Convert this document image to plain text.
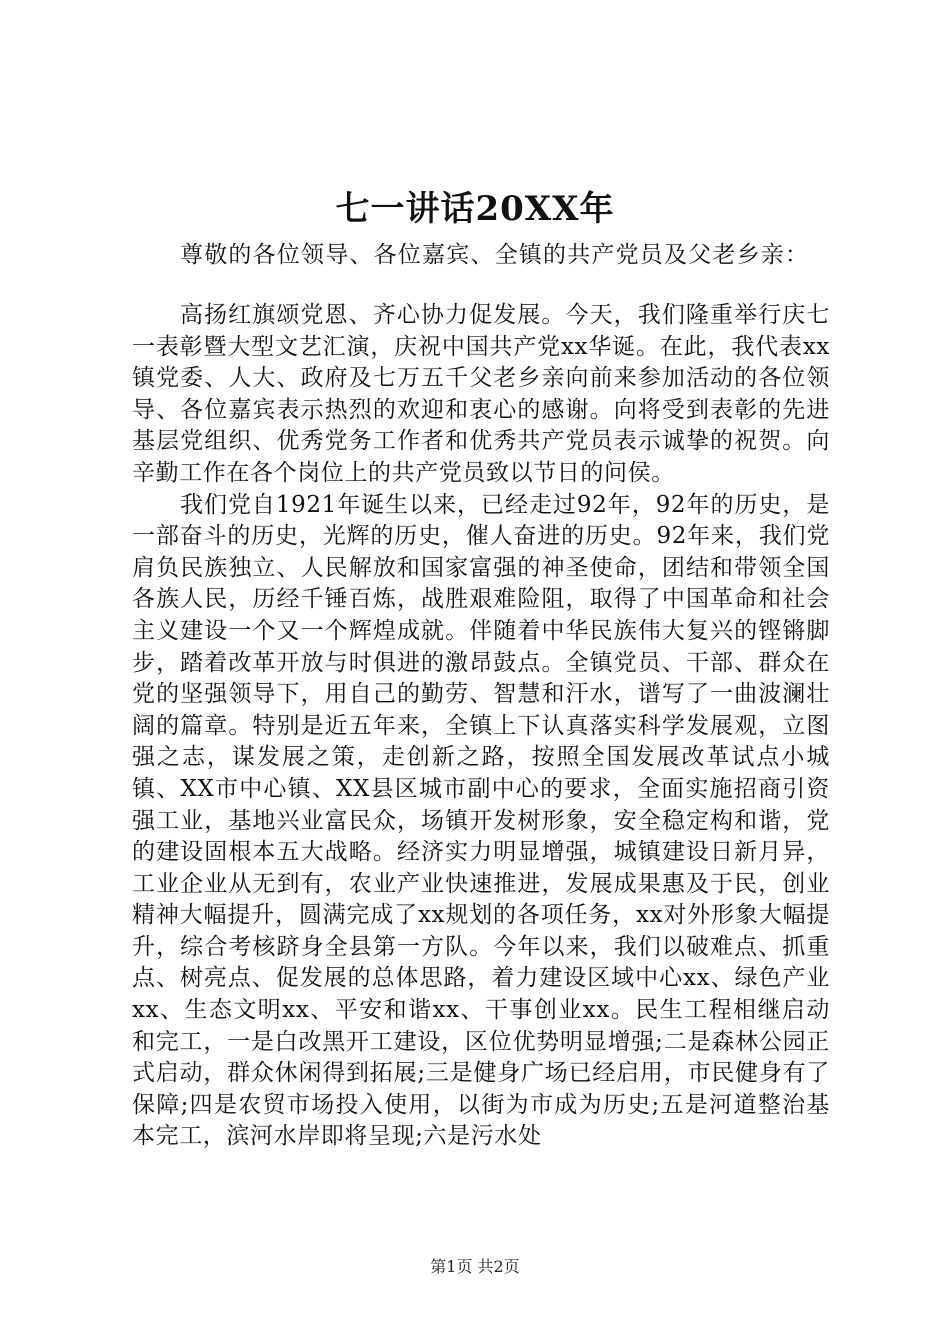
七一讲话20XX年

尊敬的各位领导、各位嘉宾、全镇的共产党员及父老乡亲：

高扬红旗颂党恩、齐心协力促发展。今天，我们隆重举行庆七一表彰暨大型文艺汇演，庆祝中国共产党xx华诞。在此，我代表xx镇党委、人大、政府及七万五千父老乡亲向前来参加活动的各位领导、各位嘉宾表示热烈的欢迎和衷心的感谢。向将受到表彰的先进基层党组织、优秀党务工作者和优秀共产党员表示诚挚的祝贺。向辛勤工作在各个岗位上的共产党员致以节日的问侯。

我们党自1921年诞生以来，已经走过92年，92年的历史，是一部奋斗的历史，光辉的历史，催人奋进的历史。92年来，我们党肩负民族独立、人民解放和国家富强的神圣使命，团结和带领全国各族人民，历经千锤百炼，战胜艰难险阻，取得了中国革命和社会主义建设一个又一个辉煌成就。伴随着中华民族伟大复兴的铿锵脚步，踏着改革开放与时俱进的激昂鼓点。全镇党员、干部、群众在党的坚强领导下，用自己的勤劳、智慧和汗水，谱写了一曲波澜壮阔的篇章。特别是近五年来，全镇上下认真落实科学发展观，立图强之志，谋发展之策，走创新之路，按照全国发展改革试点小城镇、XX市中心镇、XX县区城市副中心的要求，全面实施招商引资强工业，基地兴业富民众，场镇开发树形象，安全稳定构和谐，党的建设固根本五大战略。经济实力明显增强，城镇建设日新月异，工业企业从无到有，农业产业快速推进，发展成果惠及于民，创业精神大幅提升，圆满完成了xx规划的各项任务，xx对外形象大幅提升，综合考核跻身全县第一方队。今年以来，我们以破难点、抓重点、树亮点、促发展的总体思路，着力建设区域中心xx、绿色产业xx、生态文明xx、平安和谐xx、干事创业xx。民生工程相继启动和完工，一是白改黑开工建设，区位优势明显增强;二是森林公园正式启动，群众休闲得到拓展;三是健身广场已经启用，市民健身有了保障;四是农贸市场投入使用，以街为市成为历史;五是河道整治基本完工，滨河水岸即将呈现;六是污水处

第1页 共2页
